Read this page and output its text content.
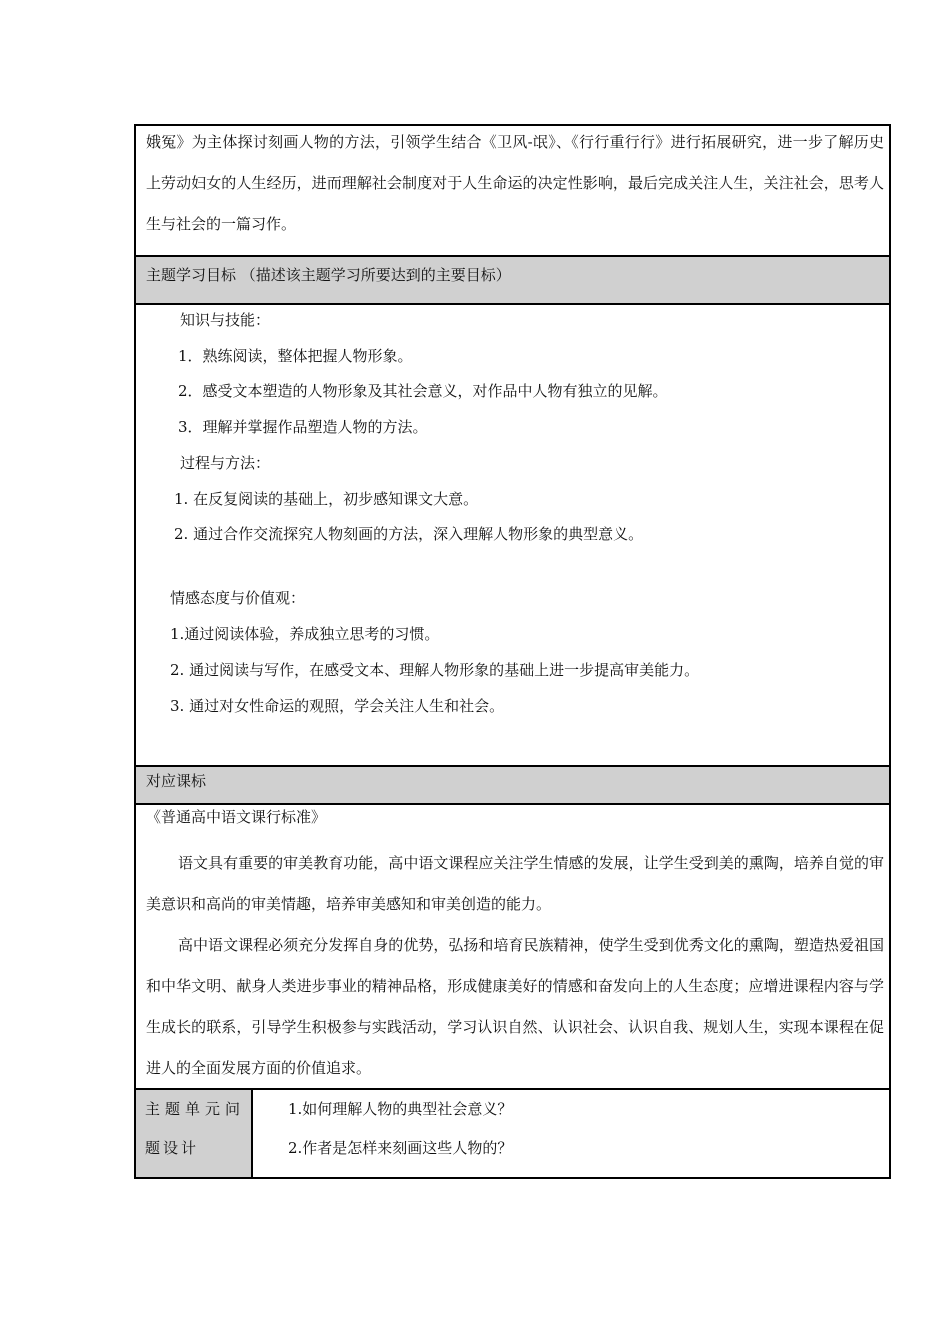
娥冤》为主体探讨刻画人物的方法，引领学生结合《卫风-氓》、《行行重行行》进行拓展研究，进一步了解历史上劳动妇女的人生经历，进而理解社会制度对于人生命运的决定性影响，最后完成关注人生，关注社会，思考人生与社会的一篇习作。
主题学习目标 （描述该主题学习所要达到的主要目标）
知识与技能：
1．熟练阅读，整体把握人物形象。
2．感受文本塑造的人物形象及其社会意义，对作品中人物有独立的见解。
3．理解并掌握作品塑造人物的方法。
过程与方法：
1. 在反复阅读的基础上，初步感知课文大意。
2. 通过合作交流探究人物刻画的方法，深入理解人物形象的典型意义。
情感态度与价值观：
1.通过阅读体验，养成独立思考的习惯。
2. 通过阅读与写作，在感受文本、理解人物形象的基础上进一步提高审美能力。
3. 通过对女性命运的观照，学会关注人生和社会。
对应课标
《普通高中语文课行标准》
语文具有重要的审美教育功能，高中语文课程应关注学生情感的发展，让学生受到美的熏陶，培养自觉的审美意识和高尚的审美情趣，培养审美感知和审美创造的能力。
高中语文课程必须充分发挥自身的优势，弘扬和培育民族精神，使学生受到优秀文化的熏陶，塑造热爱祖国和中华文明、献身人类进步事业的精神品格，形成健康美好的情感和奋发向上的人生态度；应增进课程内容与学生成长的联系，引导学生积极参与实践活动，学习认识自然、认识社会、认识自我、规划人生，实现本课程在促进人的全面发展方面的价值追求。
主题单元问
题设计
1.如何理解人物的典型社会意义？
2.作者是怎样来刻画这些人物的？
